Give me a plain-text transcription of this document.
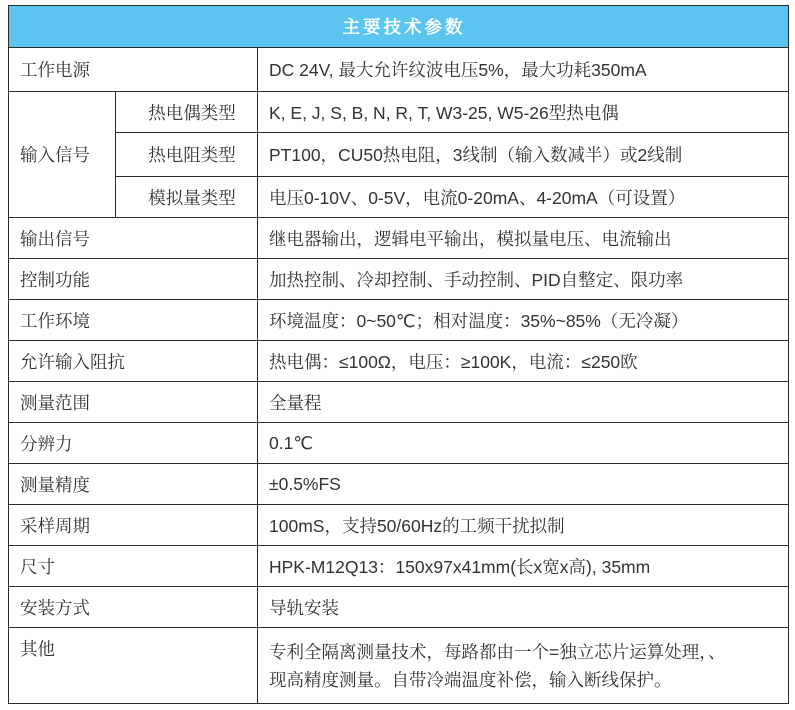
主要技术参数		
工作电源		DC 24V, 最大允许纹波电压5%，最大功耗350mA
输入信号	热电偶类型	K, E, J, S, B, N, R, T, W3-25, W5-26型热电偶
	热电阻类型	PT100，CU50热电阻，3线制（输入数减半）或2线制
	模拟量类型	电压0-10V、0-5V，电流0-20mA、4-20mA（可设置）
输出信号		继电器输出，逻辑电平输出，模拟量电压、电流输出
控制功能		加热控制、冷却控制、手动控制、PID自整定、限功率
工作环境		环境温度：0~50℃；相对温度：35%~85%（无冷凝）
允许输入阻抗		热电偶：≤100Ω，电压：≥100K，电流：≤250欧
测量范围		全量程
分辨力		0.1℃
测量精度		±0.5%FS
采样周期		100mS，支持50/60Hz的工频干扰拟制
尺寸		HPK-M12Q13：150x97x41mm(长x宽x高), 35mm
安装方式		导轨安装
其他		专利全隔离测量技术，每路都由一个=独立芯片运算处理，、
现高精度测量。自带冷端温度补偿，输入断线保护。
